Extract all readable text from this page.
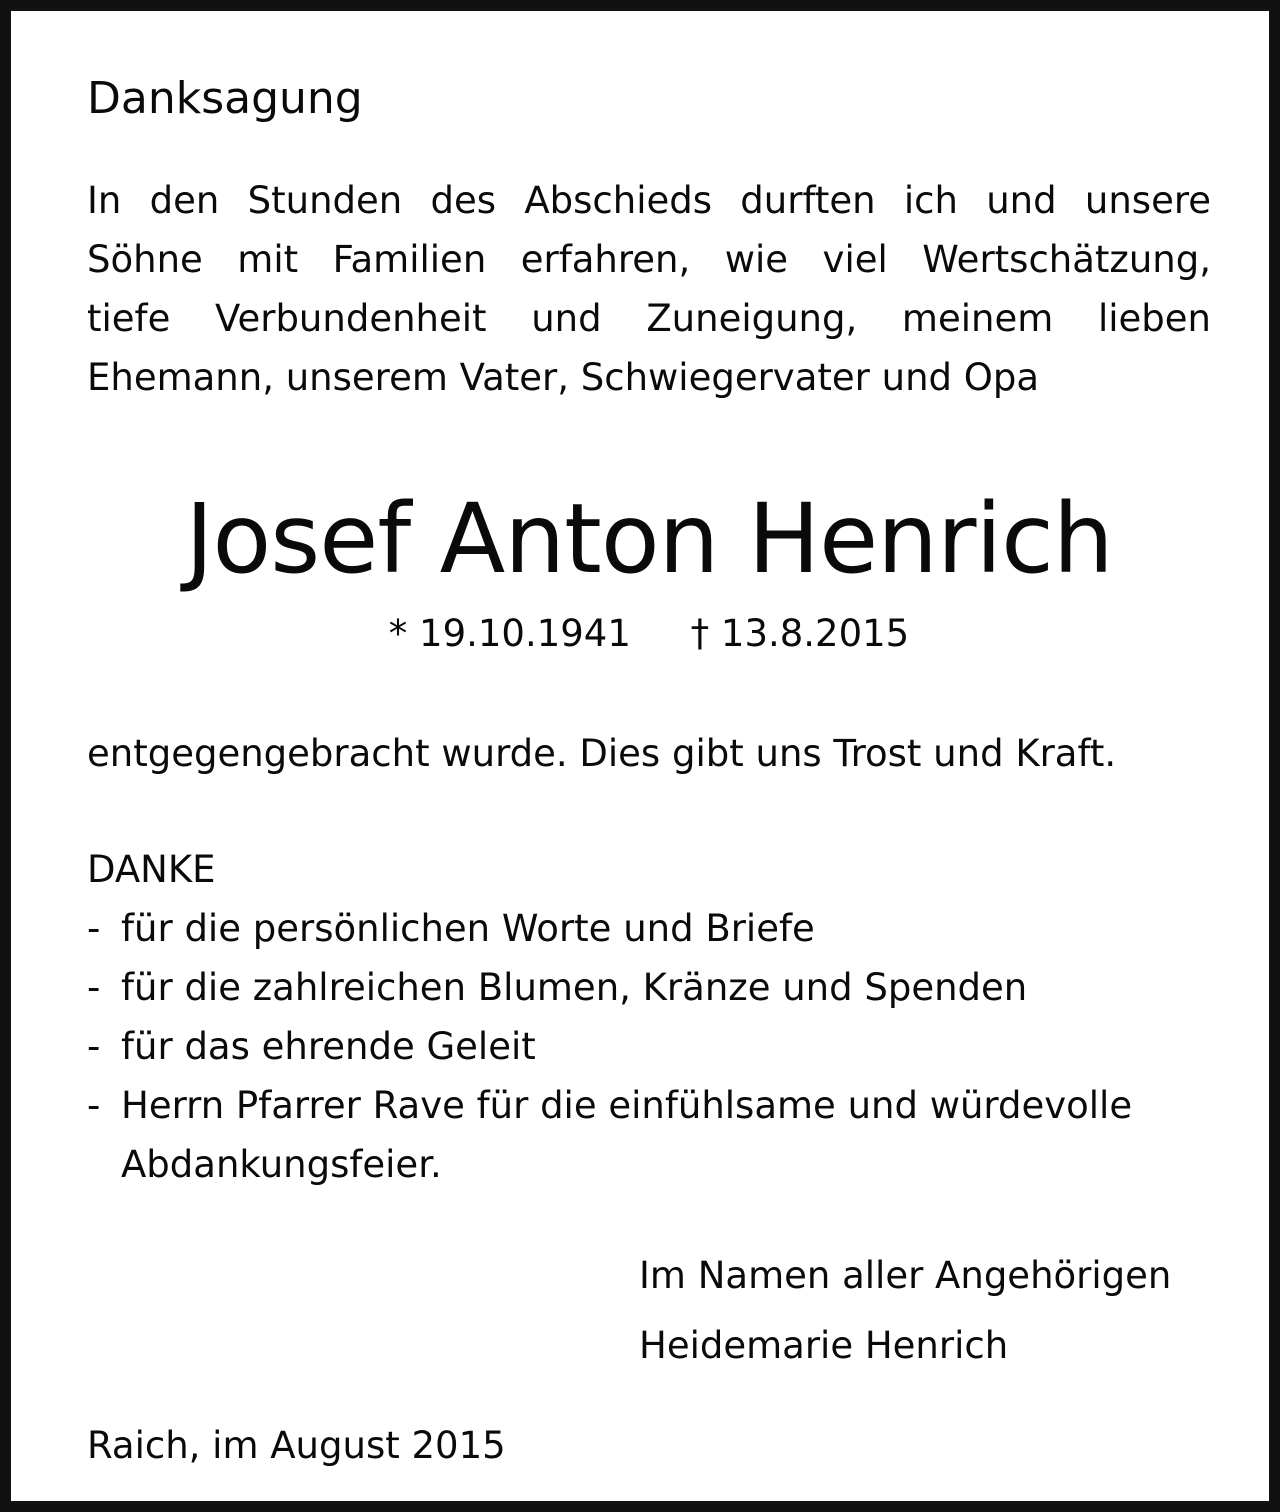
Danksagung
In den Stunden des Abschieds durften ich und unsere
Söhne mit Familien erfahren, wie viel Wertschätzung,
tiefe Verbundenheit und Zuneigung, meinem lieben
Ehemann, unserem Vater, Schwiegervater und Opa
Josef Anton Henrich
* 19.10.1941 † 13.8.2015

entgegengebracht wurde. Dies gibt uns Trost und Kraft.

DANKE

- für die persönlichen Worte und Briefe
- für die zahlreichen Blumen, Kränze und Spenden
- für das ehrende Geleit
- Herrn Pfarrer Rave für die einfühlsame und würdevolle
Abdankungsfeier.
Im Namen aller Angehörigen
Heidemarie Henrich

Raich, im August 2015
